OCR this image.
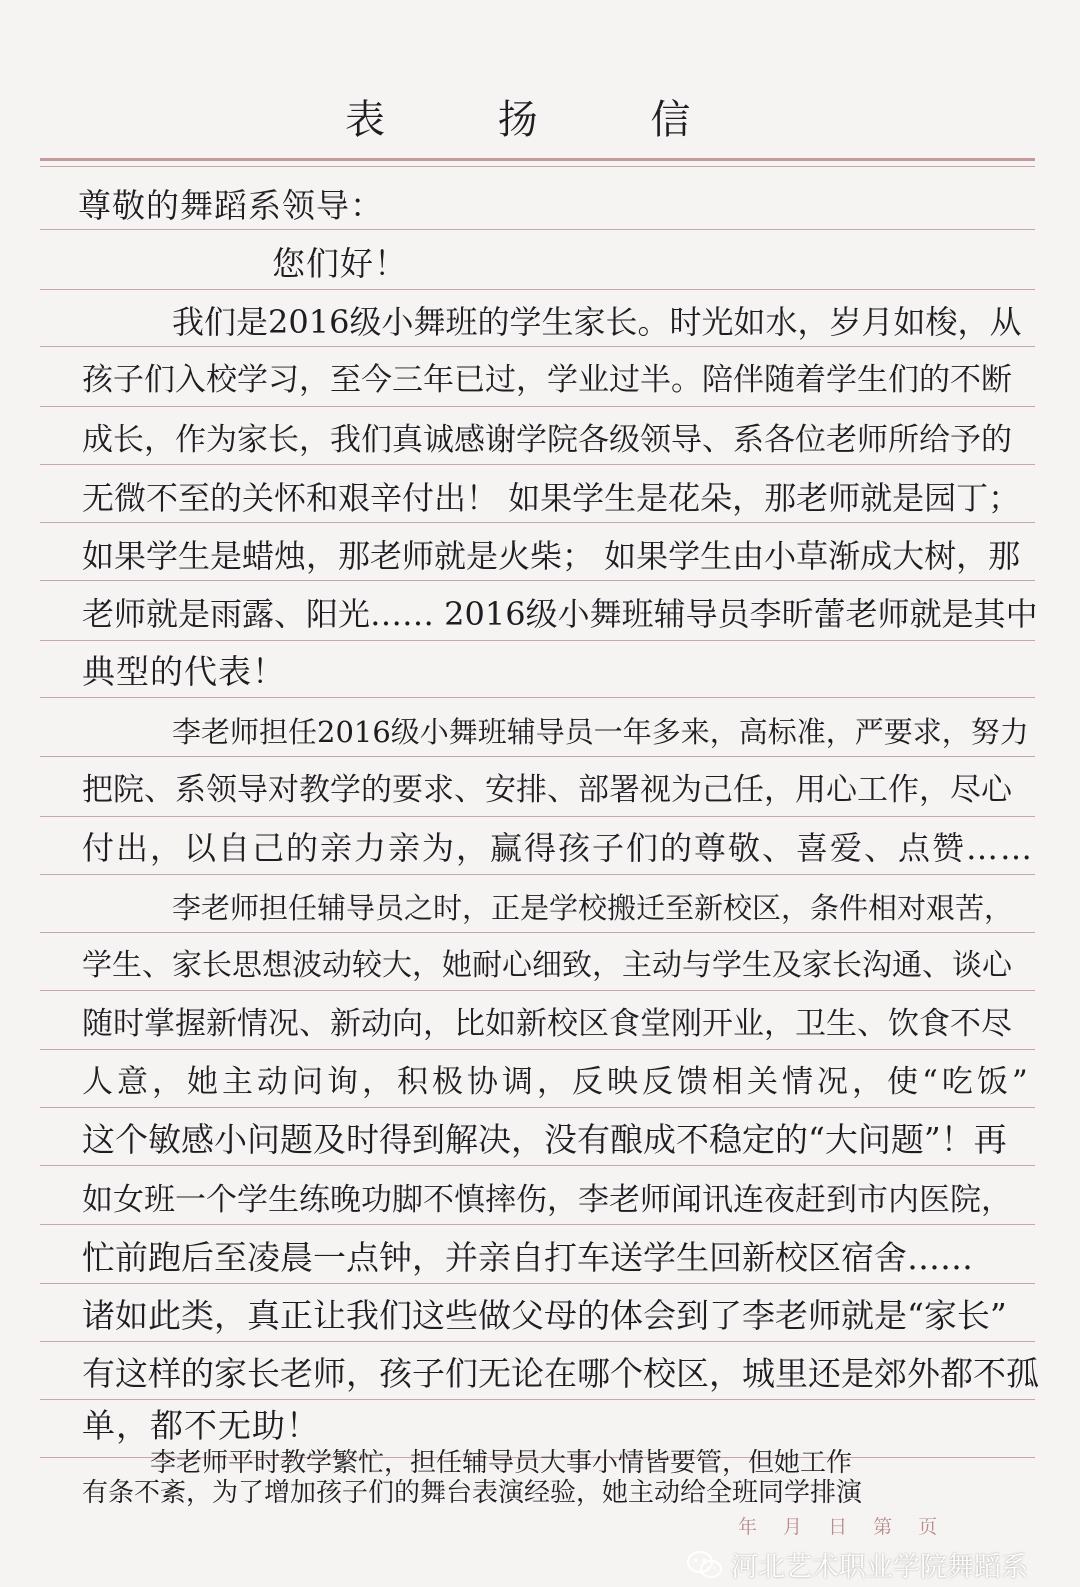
表 扬 信

尊敬的舞蹈系领导：

您们好！

我们是2016级小舞班的学生家长。时光如水，岁月如梭，从

孩子们入校学习，至今三年已过，学业过半。陪伴随着学生们的不断

成长，作为家长，我们真诚感谢学院各级领导、系各位老师所给予的

无微不至的关怀和艰辛付出！ 如果学生是花朵，那老师就是园丁；

如果学生是蜡烛，那老师就是火柴； 如果学生由小草渐成大树，那

老师就是雨露、阳光…… 2016级小舞班辅导员李昕蕾老师就是其中

典型的代表！

李老师担任2016级小舞班辅导员一年多来，高标准，严要求，努力

把院、系领导对教学的要求、安排、部署视为己任，用心工作，尽心

付出，以自己的亲力亲为，赢得孩子们的尊敬、喜爱、点赞……

李老师担任辅导员之时，正是学校搬迁至新校区，条件相对艰苦，

学生、家长思想波动较大，她耐心细致，主动与学生及家长沟通、谈心

随时掌握新情况、新动向，比如新校区食堂刚开业，卫生、饮食不尽

人意，她主动问询，积极协调，反映反馈相关情况，使“吃饭”

这个敏感小问题及时得到解决，没有酿成不稳定的“大问题”！再

如女班一个学生练晚功脚不慎摔伤，李老师闻讯连夜赶到市内医院，

忙前跑后至凌晨一点钟，并亲自打车送学生回新校区宿舍……

诸如此类，真正让我们这些做父母的体会到了李老师就是“家长”

有这样的家长老师，孩子们无论在哪个校区，城里还是郊外都不孤

单，都不无助！

李老师平时教学繁忙，担任辅导员大事小情皆要管，但她工作

有条不紊，为了增加孩子们的舞台表演经验，她主动给全班同学排演

年 月 日 第 页

河北艺术职业学院舞蹈系
